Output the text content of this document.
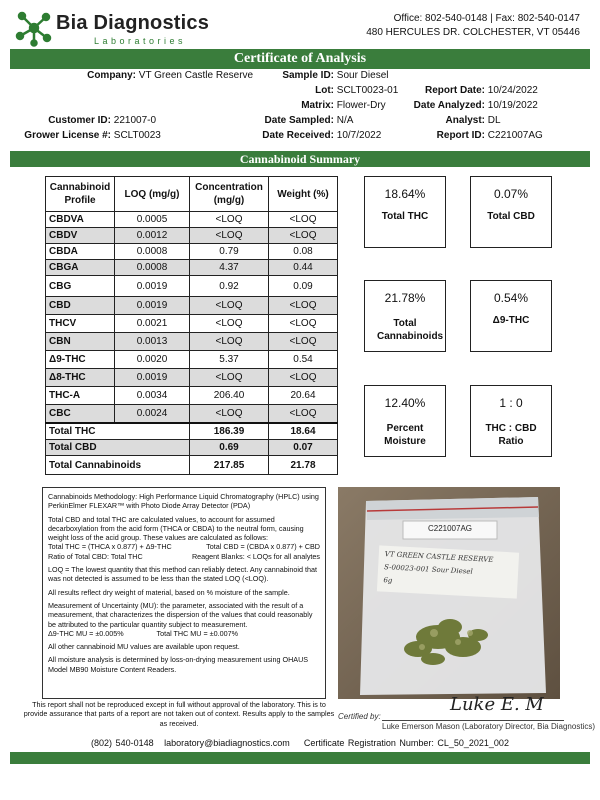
Bia Diagnostics
Laboratories
Office: 802-540-0148 | Fax: 802-540-0147
480 HERCULES DR. COLCHESTER, VT 05446
Certificate of Analysis
Company: VT Green Castle Reserve
Customer ID: 221007-0
Grower License #: SCLT0023
Sample ID: Sour Diesel
Lot: SCLT0023-01
Matrix: Flower-Dry
Date Sampled: N/A
Date Received: 10/7/2022
Report Date: 10/24/2022
Date Analyzed: 10/19/2022
Analyst: DL
Report ID: C221007AG
Cannabinoid Summary
Cannabinoid Profile	LOQ (mg/g)	Concentration (mg/g)	Weight (%)
CBDVA	0.0005	<LOQ	<LOQ
CBDV	0.0012	<LOQ	<LOQ
CBDA	0.0008	0.79	0.08
CBGA	0.0008	4.37	0.44
CBG	0.0019	0.92	0.09
CBD	0.0019	<LOQ	<LOQ
THCV	0.0021	<LOQ	<LOQ
CBN	0.0013	<LOQ	<LOQ
Δ9-THC	0.0020	5.37	0.54
Δ8-THC	0.0019	<LOQ	<LOQ
THC-A	0.0034	206.40	20.64
CBC	0.0024	<LOQ	<LOQ
Total THC		186.39	18.64
Total CBD		0.69	0.07
Total Cannabinoids		217.85	21.78
18.64%
Total THC
0.07%
Total CBD
21.78%
Total Cannabinoids
0.54%
Δ9-THC
12.40%
Percent Moisture
1 : 0
THC : CBD Ratio

Cannabinoids Methodology: High Performance Liquid Chromatography (HPLC) using PerkinElmer FLEXAR™ with Photo Diode Array Detector (PDA)

Total CBD and total THC are calculated values, to account for assumed decarboxylation from the acid form (THCA or CBDA) to the neutral form, causing weight loss of the acid group. These values are calculated as follows:

Total THC = (THCA x 0.877) + Δ9-THC	Total CBD = (CBDA x 0.877) + CBD
Ratio of Total CBD: Total THC	Reagent Blanks: < LOQs for all analytes

LOQ = The lowest quantity that this method can reliably detect. Any cannabinoid that was not detected is assumed to be less than the stated LOQ (<LOQ).

All results reflect dry weight of material, based on % moisture of the sample.

Measurement of Uncertainty (MU): the parameter, associated with the result of a measurement, that characterizes the dispersion of the values that could reasonably be attributed to the particular quantity subject to measurement.

Δ9-THC MU = ±0.005%	Total THC MU = ±0.007%

All other cannabinoid MU values are available upon request.

All moisture analysis is determined by loss-on-drying measurement using OHAUS Model MB90 Moisture Content Readers.

C221007AG
VT GREEN CASTLE RESERVE
S-00023-001 Sour Diesel
6g
This report shall not be reproduced except in full without approval of the laboratory. This is to provide assurance that parts of a report are not taken out of context. Results apply to the samples as received.
Certified by:
Luke E. M
Luke Emerson Mason (Laboratory Director, Bia Diagnostics)
(802) 540-0148 laboratory@biadiagnostics.com Certificate Registration Number: CL_50_2021_002
